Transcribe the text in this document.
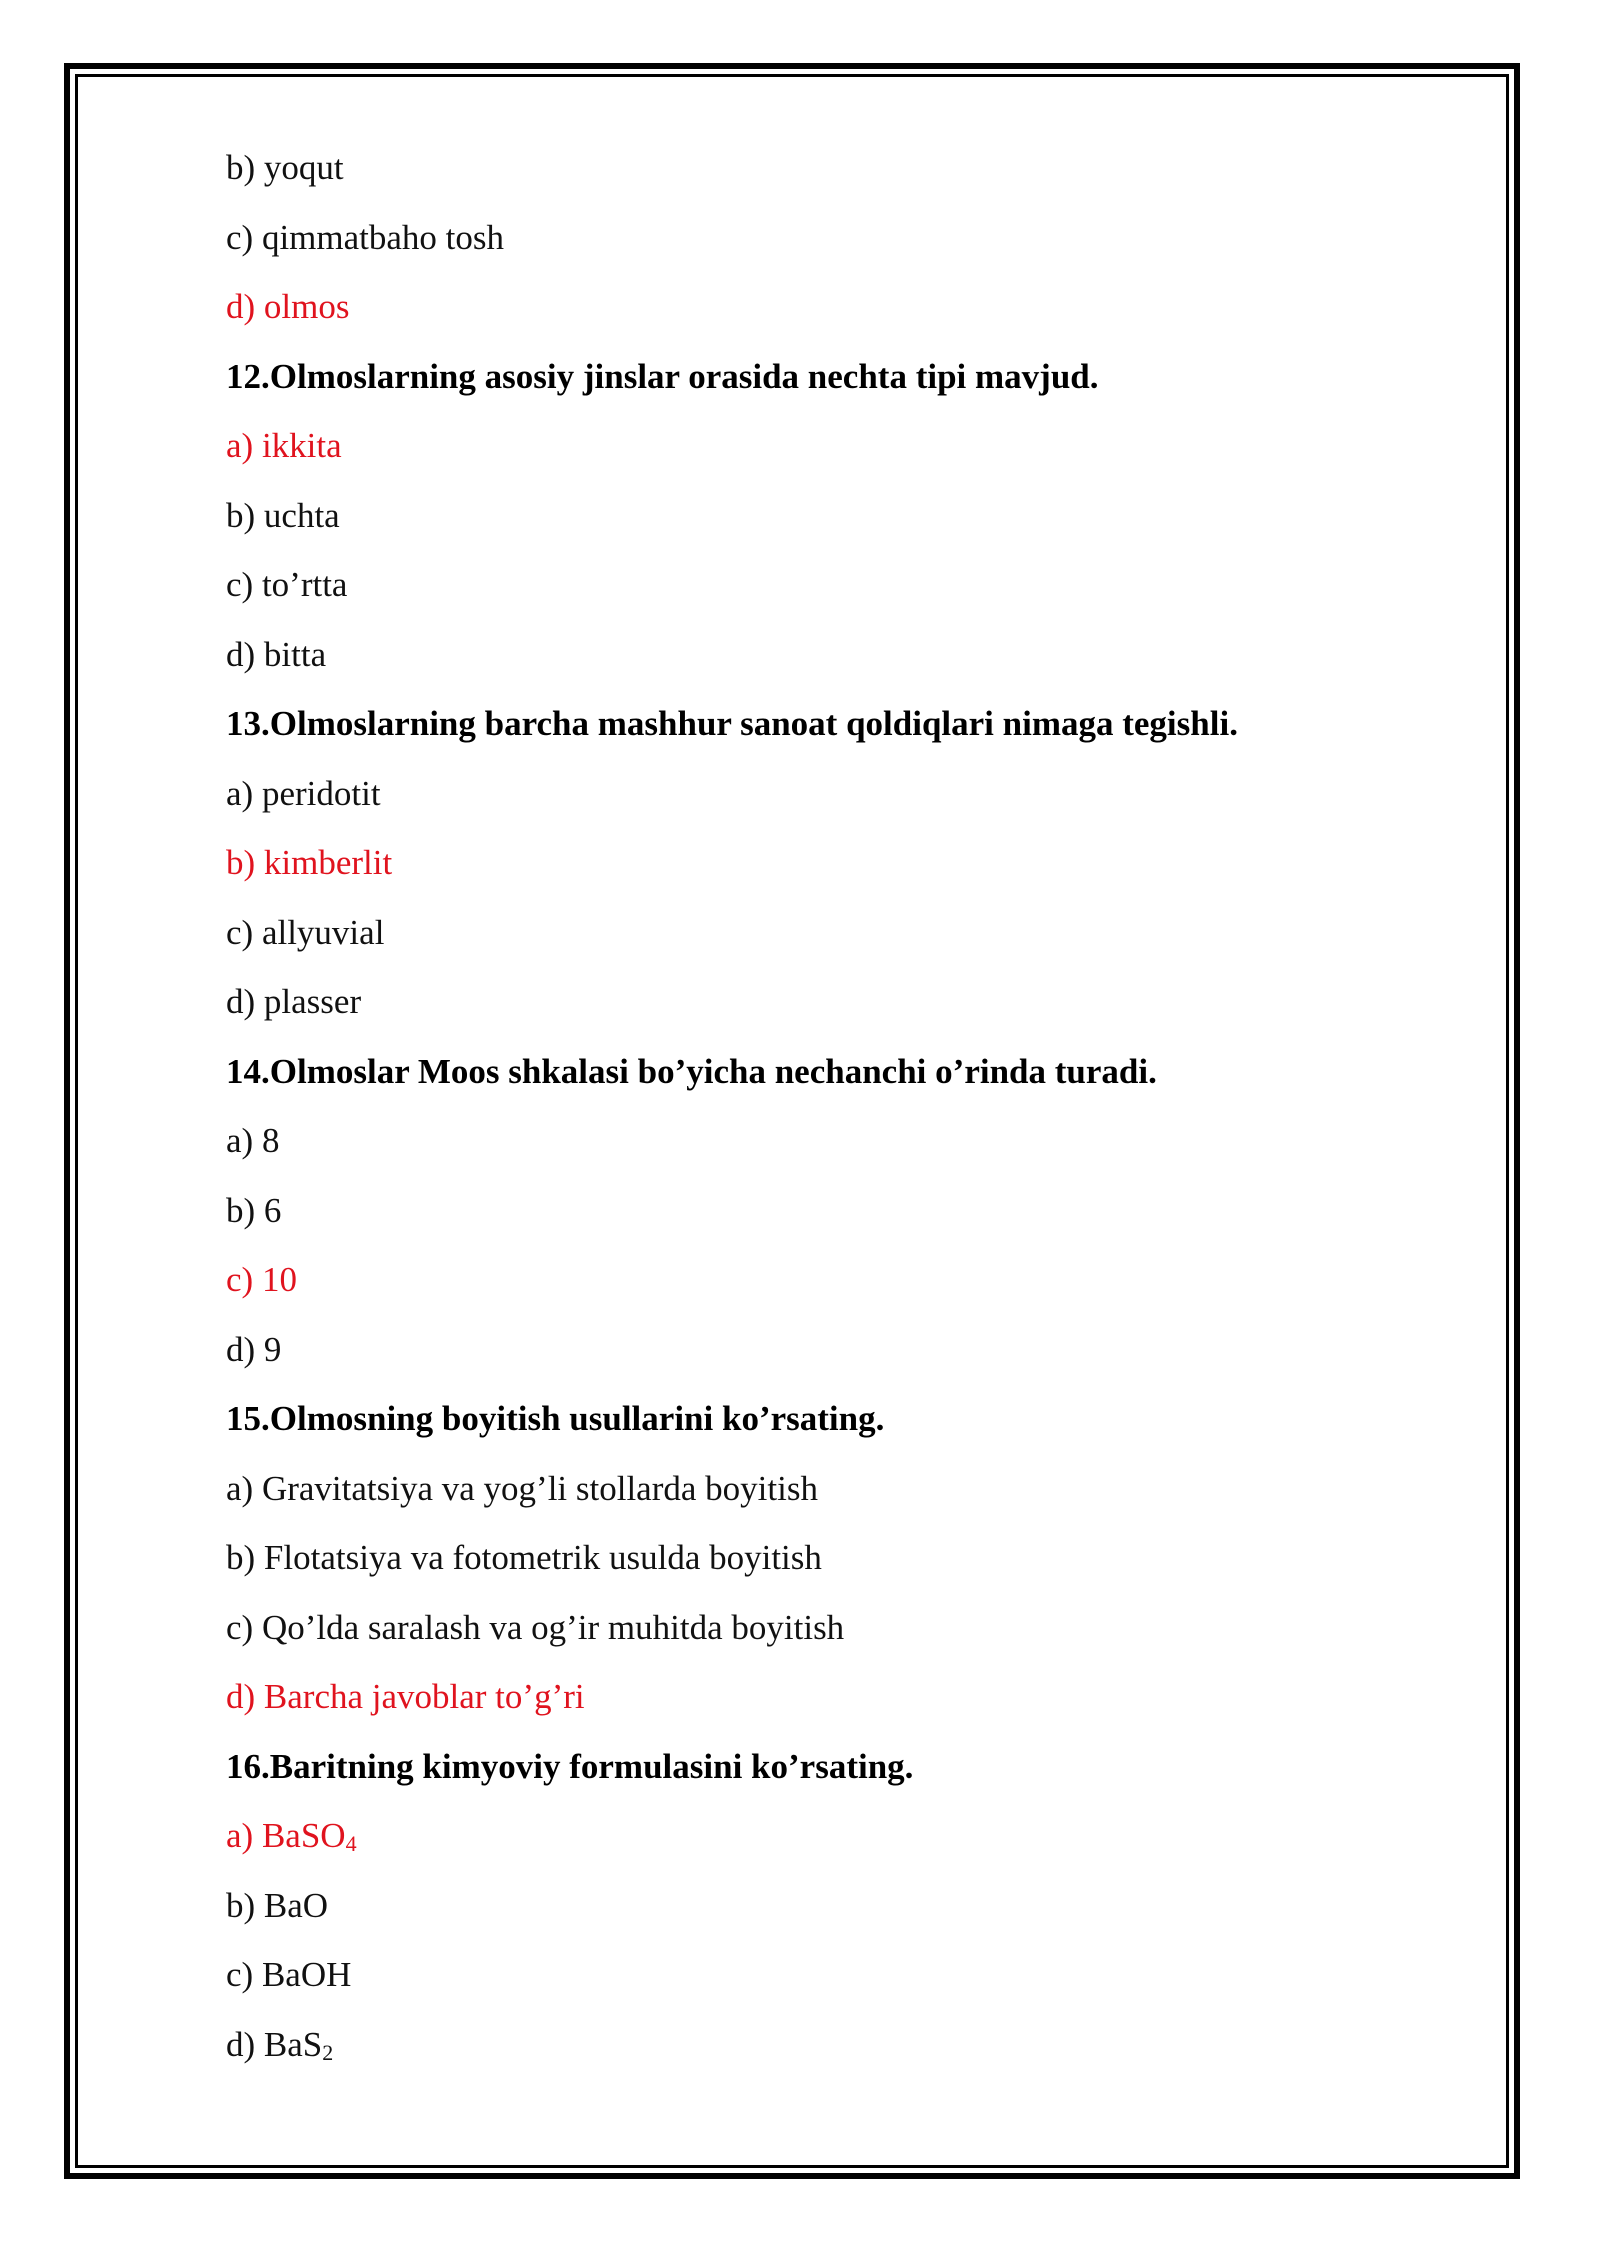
b) yoqut
c) qimmatbaho tosh
d) olmos
12.Olmoslarning asosiy jinslar orasida nechta tipi mavjud.
a) ikkita
b) uchta
c) to’rtta
d) bitta
13.Olmoslarning barcha mashhur sanoat qoldiqlari nimaga tegishli.
a) peridotit
b) kimberlit
c) allyuvial
d) plasser
14.Olmoslar Moos shkalasi bo’yicha nechanchi o’rinda turadi.
a) 8
b) 6
c) 10
d) 9
15.Olmosning boyitish usullarini ko’rsating.
a) Gravitatsiya va yog’li stollarda boyitish
b) Flotatsiya va fotometrik usulda boyitish
c) Qo’lda saralash va og’ir muhitda boyitish
d) Barcha javoblar to’g’ri
16.Baritning kimyoviy formulasini ko’rsating.
a) BaSO4
b) BaO
c) BaOH
d) BaS2
